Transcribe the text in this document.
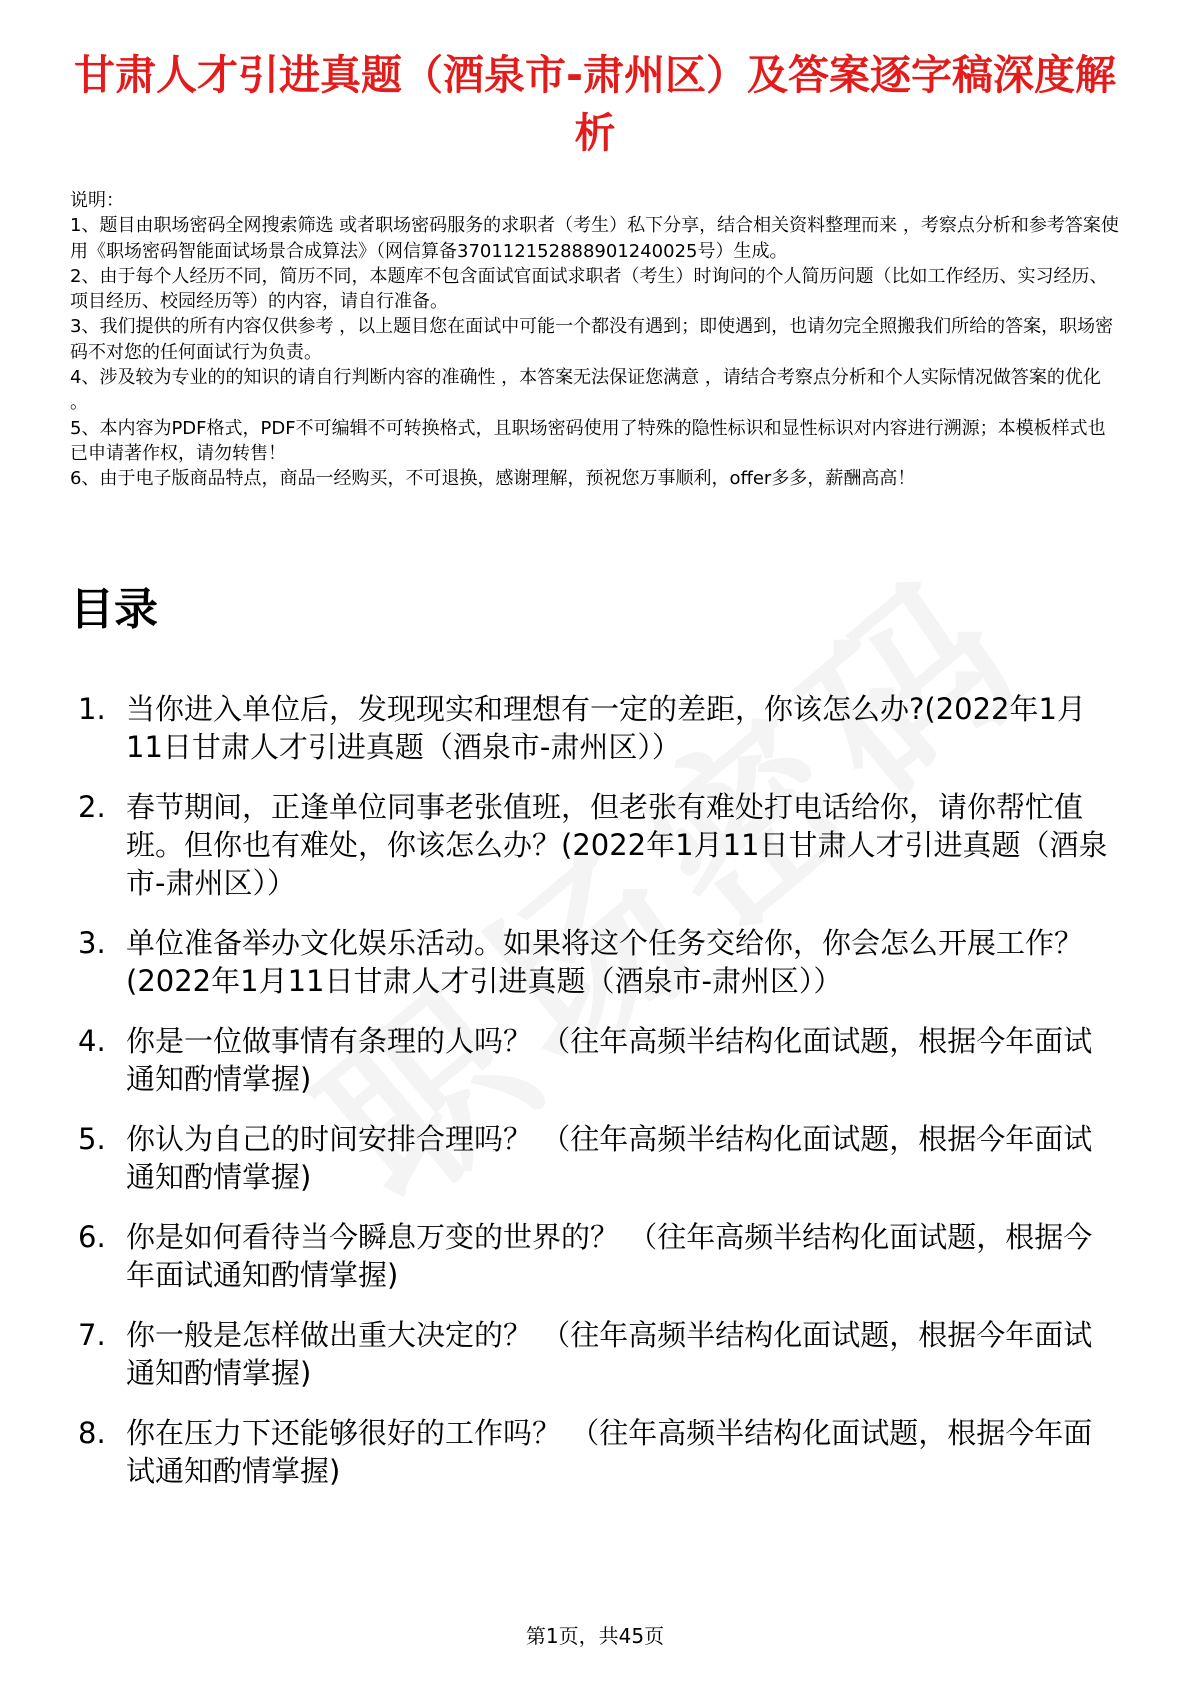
甘肃人才引进真题（酒泉市-肃州区）及答案逐字稿深度解析
说明：
1、题目由职场密码全网搜索筛选 或者职场密码服务的求职者（考生）私下分享，结合相关资料整理而来 ，考察点分析和参考答案使用《职场密码智能面试场景合成算法》（网信算备370112152888901240025号）生成。
2、由于每个人经历不同，简历不同，本题库不包含面试官面试求职者（考生）时询问的个人简历问题（比如工作经历、实习经历、项目经历、校园经历等）的内容，请自行准备。
3、我们提供的所有内容仅供参考 ，以上题目您在面试中可能一个都没有遇到；即使遇到，也请勿完全照搬我们所给的答案，职场密码不对您的任何面试行为负责。
4、涉及较为专业的的知识的请自行判断内容的准确性 ，本答案无法保证您满意 ，请结合考察点分析和个人实际情况做答案的优化 。
5、本内容为PDF格式，PDF不可编辑不可转换格式，且职场密码使用了特殊的隐性标识和显性标识对内容进行溯源；本模板样式也已申请著作权，请勿转售！
6、由于电子版商品特点，商品一经购买，不可退换，感谢理解，预祝您万事顺利，offer多多，薪酬高高！
目录
1. 当你进入单位后，发现现实和理想有一定的差距，你该怎么办?(2022年1月11日甘肃人才引进真题（酒泉市-肃州区））
2. 春节期间，正逢单位同事老张值班，但老张有难处打电话给你，请你帮忙值班。但你也有难处，你该怎么办？(2022年1月11日甘肃人才引进真题（酒泉市-肃州区））
3. 单位准备举办文化娱乐活动。如果将这个任务交给你，你会怎么开展工作？(2022年1月11日甘肃人才引进真题（酒泉市-肃州区））
4. 你是一位做事情有条理的人吗？ （往年高频半结构化面试题，根据今年面试通知酌情掌握)
5. 你认为自己的时间安排合理吗？ （往年高频半结构化面试题，根据今年面试通知酌情掌握)
6. 你是如何看待当今瞬息万变的世界的？ （往年高频半结构化面试题，根据今年面试通知酌情掌握)
7. 你一般是怎样做出重大决定的？ （往年高频半结构化面试题，根据今年面试通知酌情掌握)
8. 你在压力下还能够很好的工作吗？ （往年高频半结构化面试题，根据今年面试通知酌情掌握)
第1页，共45页
